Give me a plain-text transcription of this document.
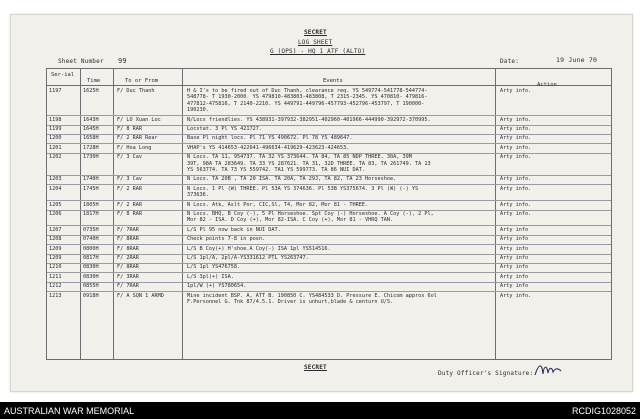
SECRET
LOG SHEET
G (OPS) - HQ 1 ATF (ALTO)
Sheet Number 99	Date:	19 June 70
Ser-ial
Time	To or From	Events
Action
1197	1625H	F/ Duc Thanh	H & I's to be fired out of Duc Thanh, clearance req. YS 549774-541778-544774-
548778- T 1930-2000. YS 479810-483803-483808, T 2315-2345. YS 470810- 479816-
477812-475816, T 2140-2210. YS 449791-449796-457793-452796-453797, T 190000-
190230.
Arty info.
1198	1643H	F/ LO Xuan Loc	N/Locs friendlies. YS 438931-397932-382951-402960-401966-444990-392972-370995.	Arty info.
1199	1645H	F/ 8 RAR	Locstat. 3 Pl YS 421727.	Arty info.
1200	1658H	F/ 2 RAR Rear	Base Pl night locs. Pl 71 YS 490672. Pl 78 YS 489647.	Arty info.
1201	1728H	F/ Hoa Long	VHAP's YS 414653-422641-496634-419629-423623-424653.	Arty info.
1202	1730H	F/ 3 Cav	N Locs. TA 11, 954737. TA 32 YS 373644. TA 84, TA 85 NDP THREE. 30A, 39M
39T, 98A TA 283649. TA 33 YS 287621. TA 31, 32D THREE. TA 83, TA 261749. TA 13
YS 563774. TA 73 YS 559742. TA1 YS 599773. TA 86 NUI DAT.
Arty info.
1203	1740H	F/ 3 Cav	N Locs. TA 20B , TA 20 ISA. TA 20A, TA 29J, TA 82, TA 23 Horseshoe.	Arty info.
1204	1745H	F/ 2 RAR	N Locs. 1 Pl (W) THREE. Pl 53A YS 374636. Pl 53B YS375674. 3 Pl (W) (-) YS
373636.
Arty info.
1205	1805H	F/ 2 RAR	N Locs. Atk, Aslt Pnr, CIC,Sl, T4, Mor 82, Mor 81 - THREE.	Arty info.
1206	1817H	F/ 8 RAR	N Locs. BHQ, B Coy (-), 5 Pl Horseshoe. Spt Coy (-) Horseshoe. A Coy (-), 2 Pl,
Mor 82 - ISA. D Coy (+), Mor 82-ISA. C Coy (+), Mor 81 - VHRQ TAN.
Arty info.
1207	0735H	F/ 7RAR	L/S Pl 95 now back in NUI DAT.	Arty info
1208	0740H	F/ 8RAR	Check points 7-8 in posn.	Arty info
1209	0800H	F/ 8RAR	L/S B Coy(+) H'shoe.A Coy(-) ISA 1pl YS514516.	Arty info
1209	0817H	F/ 2RAR	L/S 1pl/A, 2pl/A-YS331612 PTL YS263747.	Arty info
1210	0830H	F/ 8RAR	L/S 1pl YS476758.	Arty info
1211	0830H	F/ 3RAR	L/S 3pl(+) ISA.	Arty info
1212	0855H	F/ 7RAR	1pl/W (+) YS780654.	Arty info
1213	0918H	F/ A SQN 1 ARMD	Mine incident BSP. A, ATT B. 190850 C. YS484533 D. Pressure E. Chicom approx 6ol
F.Personnel G. Tnk 87/4.5.1. Driver is unhurt,blade & centurn U/S.
Arty info.
SECRET
Duty Officer's Signature:
AUSTRALIAN WAR MEMORIAL	RCDIG1028052
